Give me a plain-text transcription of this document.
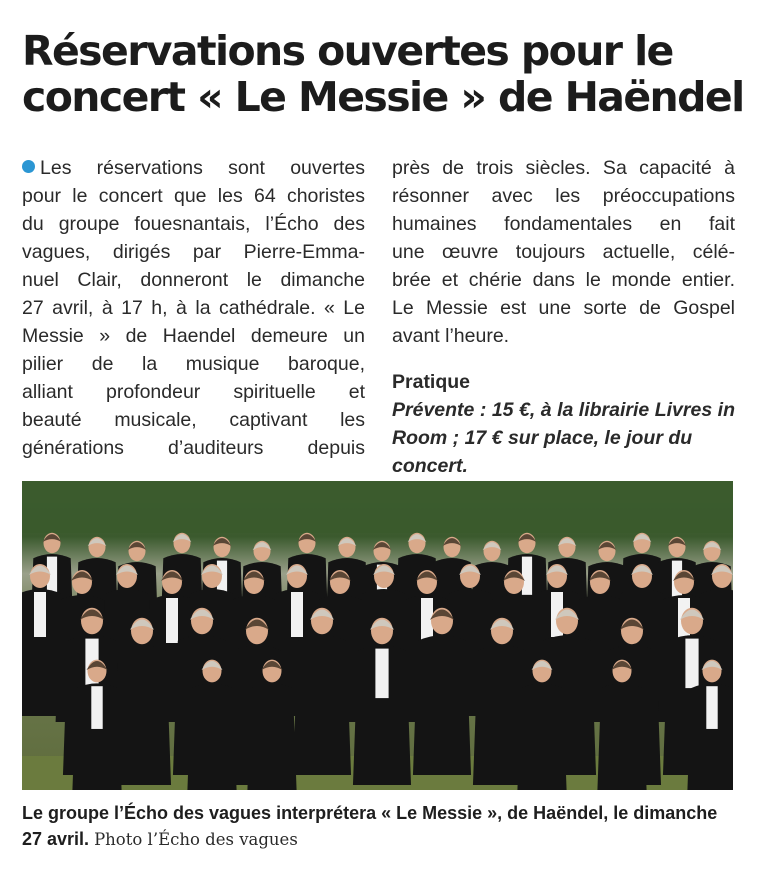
Réservations ouvertes pour le
concert « Le Messie » de Haëndel
Les réservations sont ouvertes
pour le concert que les 64 choristes
du groupe fouesnantais, l’Écho des
vagues, dirigés par Pierre-Emma-
nuel Clair, donneront le dimanche
27 avril, à 17 h, à la cathédrale. « Le
Messie » de Haendel demeure un
pilier de la musique baroque,
alliant profondeur spirituelle et
beauté musicale, captivant les
générations d’auditeurs depuis
près de trois siècles. Sa capacité à
résonner avec les préoccupations
humaines fondamentales en fait
une œuvre toujours actuelle, célé-
brée et chérie dans le monde entier.
Le Messie est une sorte de Gospel
avant l’heure.
Pratique
Prévente : 15 €, à la librairie Livres in
Room ; 17 € sur place, le jour du concert.
Le groupe l’Écho des vagues interprétera « Le Messie », de Haëndel, le dimanche
27 avril. Photo l’Écho des vagues
